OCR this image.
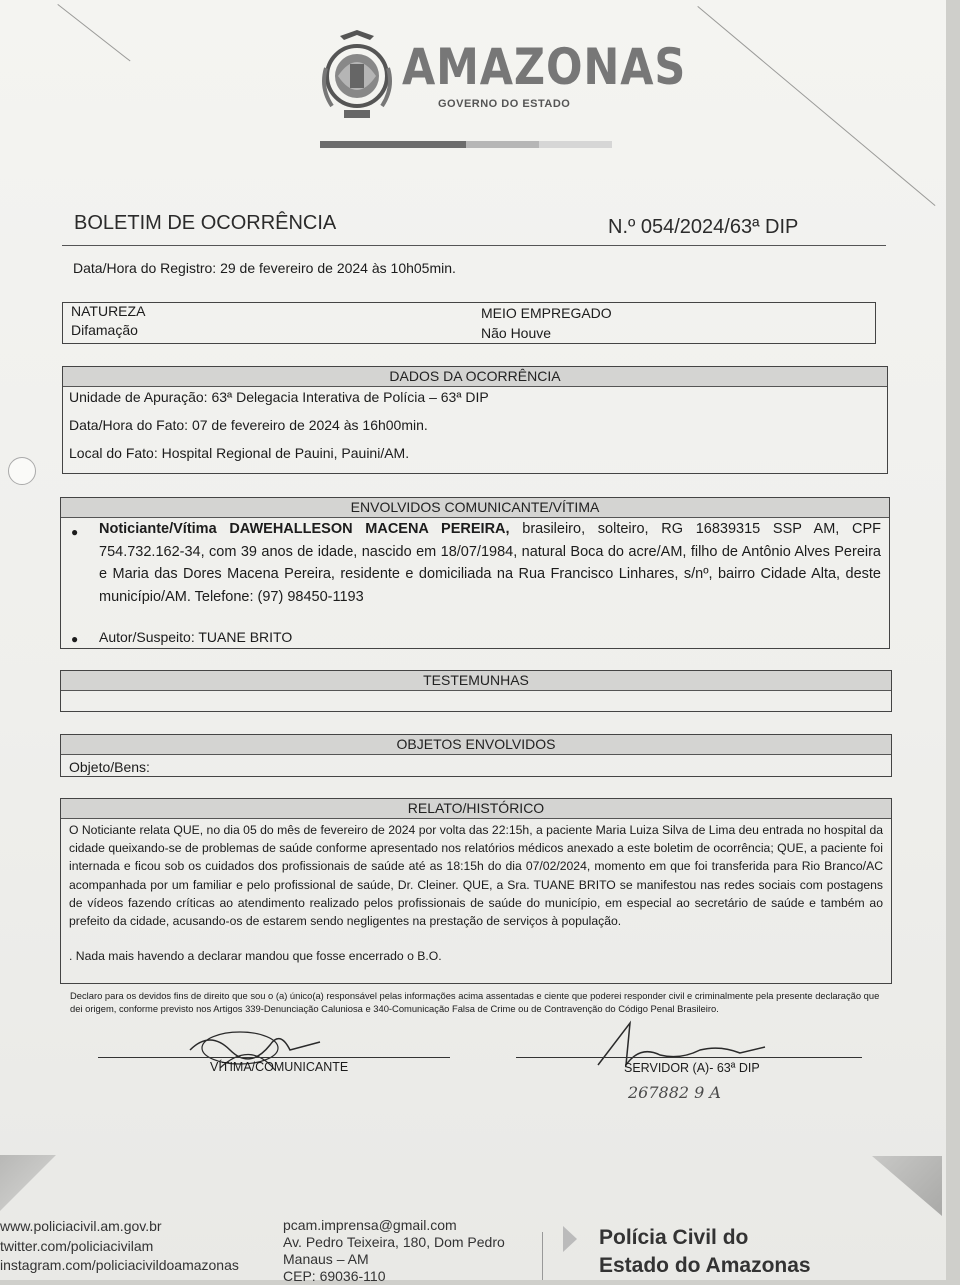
AMAZONAS
GOVERNO DO ESTADO
BOLETIM DE OCORRÊNCIA	N.º 054/2024/63ª DIP
Data/Hora do Registro: 29 de fevereiro de 2024 às 10h05min.
NATUREZA
Difamação
MEIO EMPREGADO
Não Houve
DADOS DA OCORRÊNCIA
Unidade de Apuração: 63ª Delegacia Interativa de Polícia – 63ª DIP
Data/Hora do Fato: 07 de fevereiro de 2024 às 16h00min.
Local do Fato: Hospital Regional de Pauini, Pauini/AM.
ENVOLVIDOS COMUNICANTE/VÍTIMA
● Noticiante/Vítima DAWEHALLESON MACENA PEREIRA, brasileiro, solteiro, RG 16839315 SSP AM, CPF 754.732.162-34, com 39 anos de idade, nascido em 18/07/1984, natural Boca do acre/AM, filho de Antônio Alves Pereira e Maria das Dores Macena Pereira, residente e domiciliada na Rua Francisco Linhares, s/nº, bairro Cidade Alta, deste município/AM. Telefone: (97) 98450-1193
● Autor/Suspeito: TUANE BRITO
TESTEMUNHAS
OBJETOS ENVOLVIDOS
Objeto/Bens:
RELATO/HISTÓRICO
O Noticiante relata QUE, no dia 05 do mês de fevereiro de 2024 por volta das 22:15h, a paciente Maria Luiza Silva de Lima deu entrada no hospital da cidade queixando-se de problemas de saúde conforme apresentado nos relatórios médicos anexado a este boletim de ocorrência; QUE, a paciente foi internada e ficou sob os cuidados dos profissionais de saúde até as 18:15h do dia 07/02/2024, momento em que foi transferida para Rio Branco/AC acompanhada por um familiar e pelo profissional de saúde, Dr. Cleiner. QUE, a Sra. TUANE BRITO se manifestou nas redes sociais com postagens de vídeos fazendo críticas ao atendimento realizado pelos profissionais de saúde do município, em especial ao secretário de saúde e também ao prefeito da cidade, acusando-os de estarem sendo negligentes na prestação de serviços à população.
. Nada mais havendo a declarar mandou que fosse encerrado o B.O.
Declaro para os devidos fins de direito que sou o (a) único(a) responsável pelas informações acima assentadas e ciente que poderei responder civil e criminalmente pela presente declaração que dei origem, conforme previsto nos Artigos 339-Denunciação Caluniosa e 340-Comunicação Falsa de Crime ou de Contravenção do Código Penal Brasileiro.
VÍTIMA/COMUNICANTE	SERVIDOR (A)- 63ª DIP
267882 9 A
www.policiacivil.am.gov.br
twitter.com/policiacivilam
instagram.com/policiacivildoamazonas
pcam.imprensa@gmail.com
Av. Pedro Teixeira, 180, Dom Pedro
Manaus – AM
CEP: 69036-110
Polícia Civil do
Estado do Amazonas
